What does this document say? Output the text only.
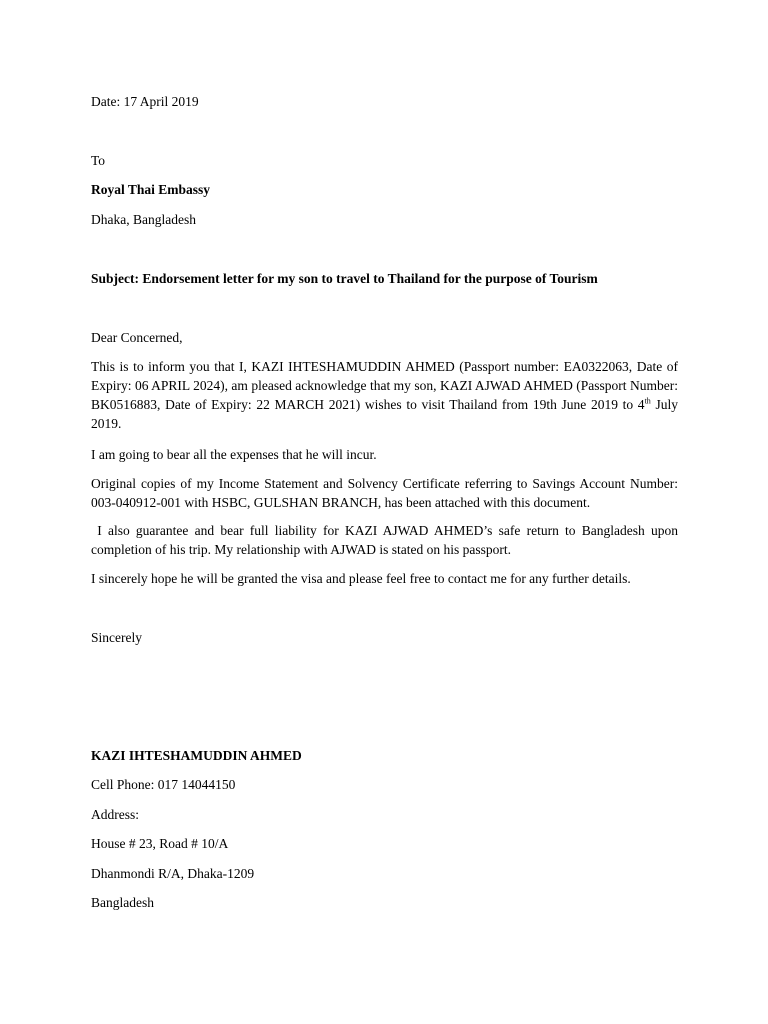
Date: 17 April 2019

To

Royal Thai Embassy

Dhaka, Bangladesh

Subject: Endorsement letter for my son to travel to Thailand for the purpose of Tourism

Dear Concerned,

This is to inform you that I, KAZI IHTESHAMUDDIN AHMED (Passport number: EA0322063, Date of Expiry: 06 APRIL 2024), am pleased acknowledge that my son, KAZI AJWAD AHMED (Passport Number: BK0516883, Date of Expiry: 22 MARCH 2021) wishes to visit Thailand from 19th June 2019 to 4th July 2019.

I am going to bear all the expenses that he will incur.

Original copies of my Income Statement and Solvency Certificate referring to Savings Account Number: 003-040912-001 with HSBC, GULSHAN BRANCH, has been attached with this document.

I also guarantee and bear full liability for KAZI AJWAD AHMED’s safe return to Bangladesh upon completion of his trip. My relationship with AJWAD is stated on his passport.

I sincerely hope he will be granted the visa and please feel free to contact me for any further details.

Sincerely

KAZI IHTESHAMUDDIN AHMED

Cell Phone: 017 14044150

Address:

House # 23, Road # 10/A

Dhanmondi R/A, Dhaka-1209

Bangladesh
